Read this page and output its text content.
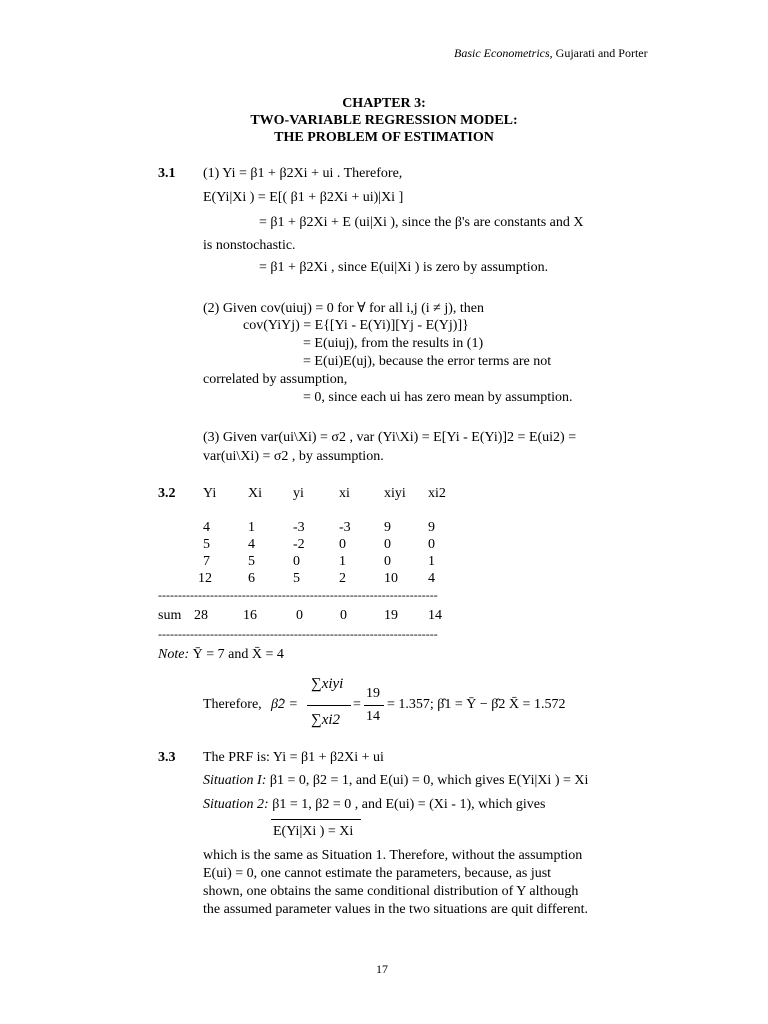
Basic Econometrics, Gujarati and Porter
CHAPTER 3:
TWO-VARIABLE REGRESSION MODEL:
THE PROBLEM OF ESTIMATION
3.1 (1) Yi = β1 + β2Xi + ui . Therefore,
E(Yi|Xi ) = E[( β1 + β2Xi + ui)|Xi ]
= β1 + β2Xi + E (ui|Xi ), since the β's are constants and X
is nonstochastic.
= β1 + β2Xi , since E(ui|Xi ) is zero by assumption.
(2) Given cov(uiuj) = 0 for ∀ for all i,j (i ≠ j), then
cov(YiYj) = E{[Yi - E(Yi)][Yj - E(Yj)]}
= E(uiuj), from the results in (1)
= E(ui)E(uj), because the error terms are not
correlated by assumption,
= 0, since each ui has zero mean by assumption.
(3) Given var(ui\Xi) = σ2 , var (Yi\Xi) = E[Yi - E(Yi)]2 = E(ui2) =
var(ui\Xi) = σ2 , by assumption.
3.2 Yi Xi yi	xi xiyi xi2
4	1	-3 -3 9	9
5	4	-2 0	0	0
7	5	0	1	0	1
12	6	5	2	10 4
----------------------------------------------------------------------
sum 28	16	0	0	19 14
----------------------------------------------------------------------
Note: Ȳ = 7 and X̄ = 4
Therefore, β̂2 =
∑xiyi
∑xi2
=
19
14
= 1.357; β̂1 = Ȳ − β̂2 X̄ = 1.572
3.3 The PRF is: Yi = β1 + β2Xi + ui
Situation I: β1 = 0, β2 = 1, and E(ui) = 0, which gives E(Yi|Xi ) = Xi
Situation 2: β1 = 1, β2 = 0 , and E(ui) = (Xi - 1), which gives
E(Yi|Xi ) = Xi
which is the same as Situation 1. Therefore, without the assumption
E(ui) = 0, one cannot estimate the parameters, because, as just
shown, one obtains the same conditional distribution of Y although
the assumed parameter values in the two situations are quit different.
17
